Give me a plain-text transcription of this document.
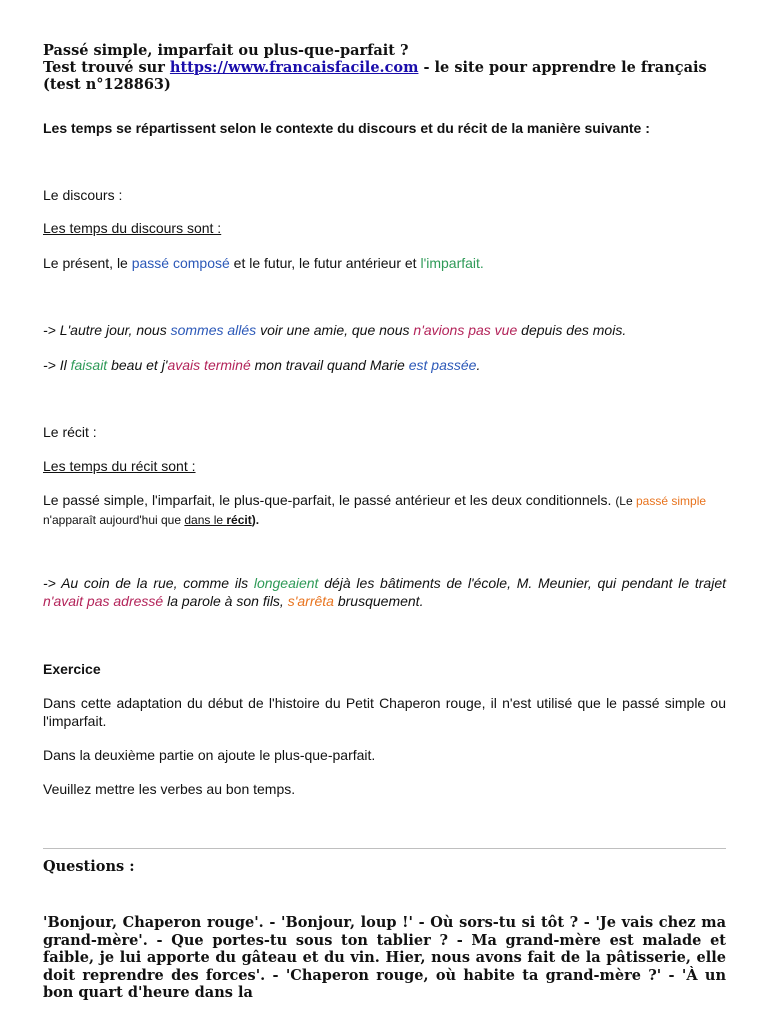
Passé simple, imparfait ou plus-que-parfait ?

Test trouvé sur https://www.francaisfacile.com - le site pour apprendre le français (test n°128863)

Les temps se répartissent selon le contexte du discours et du récit de la manière suivante :

Le discours :

Les temps du discours sont :

Le présent, le passé composé et le futur, le futur antérieur et l'imparfait.

-> L'autre jour, nous sommes allés voir une amie, que nous n'avions pas vue depuis des mois.

-> Il faisait beau et j'avais terminé mon travail quand Marie est passée.

Le récit :

Les temps du récit sont :

Le passé simple, l'imparfait, le plus-que-parfait, le passé antérieur et les deux conditionnels. (Le passé simple n'apparaît aujourd'hui que dans le récit).

-> Au coin de la rue, comme ils longeaient déjà les bâtiments de l'école, M. Meunier, qui pendant le trajet n'avait pas adressé la parole à son fils, s'arrêta brusquement.

Exercice

Dans cette adaptation du début de l'histoire du Petit Chaperon rouge, il n'est utilisé que le passé simple ou l'imparfait.

Dans la deuxième partie on ajoute le plus-que-parfait.

Veuillez mettre les verbes au bon temps.

Questions :

'Bonjour, Chaperon rouge'. - 'Bonjour, loup !' - Où sors-tu si tôt ? - 'Je vais chez ma grand-mère'. - Que portes-tu sous ton tablier ? - Ma grand-mère est malade et faible, je lui apporte du gâteau et du vin. Hier, nous avons fait de la pâtisserie, elle doit reprendre des forces'. - 'Chaperon rouge, où habite ta grand-mère ?' - 'À un bon quart d'heure dans la
